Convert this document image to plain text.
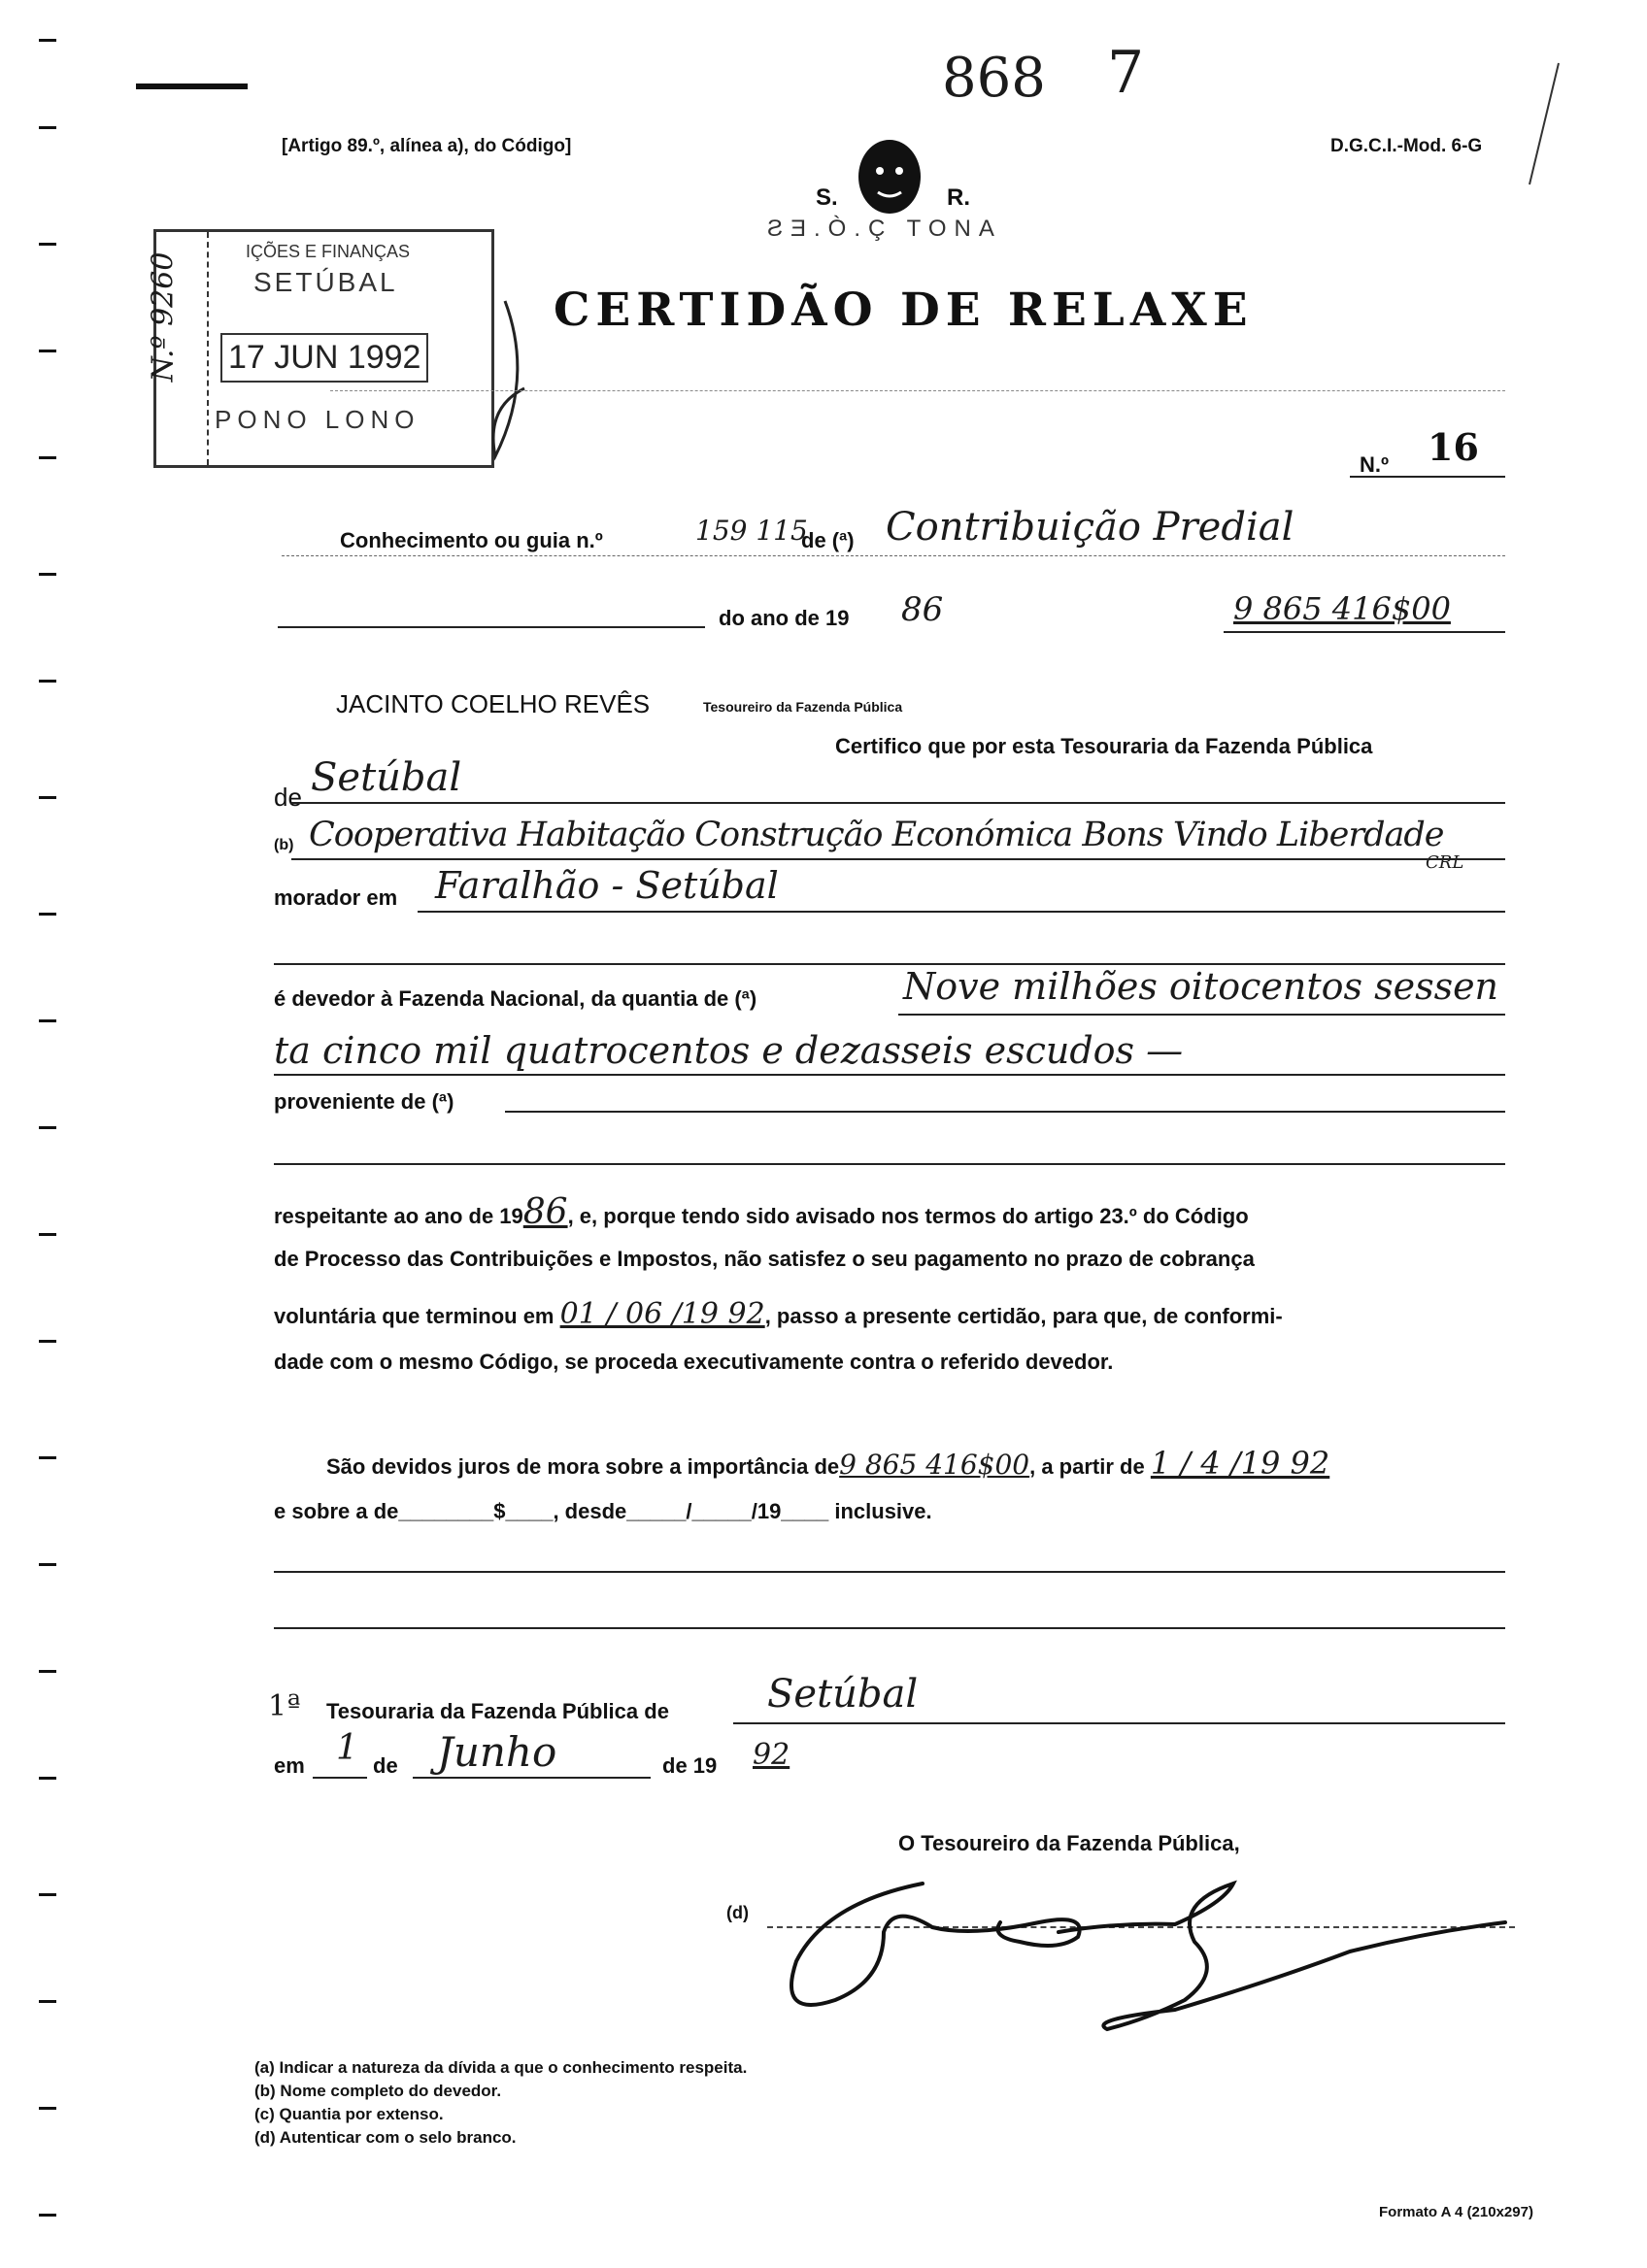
868 7
[Artigo 89.º, alínea a), do Código]	D.G.C.I.-Mod. 6-G
S.	R.
ƧƎ.Ò.Ç TONA
CERTIDÃO DE RELAXE
IÇÕES E FINANÇAS
SETÚBAL
17 JUN 1992
PONO LONO
N.º 9260
N.º 16
Conhecimento ou guia n.º	159 115
de (ª) Contribuição Predial
do ano de 19 86	9 865 416$00
JACINTO COELHO REVÊS	Tesoureiro da Fazenda Pública
Certifico que por esta Tesouraria da Fazenda Pública
de Setúbal
(b) Cooperativa Habitação Construção Económica Bons Vindo Liberdade
CRL
morador em Faralhão - Setúbal
é devedor à Fazenda Nacional, da quantia de (ª)	Nove milhões oitocentos sessen
ta cinco mil quatrocentos e dezasseis escudos —
proveniente de (ª)
respeitante ao ano de 1986, e, porque tendo sido avisado nos termos do artigo 23.º do Código
de Processo das Contribuições e Impostos, não satisfez o seu pagamento no prazo de cobrança
voluntária que terminou em 01 / 06 /19 92, passo a presente certidão, para que, de conformi-
dade com o mesmo Código, se proceda executivamente contra o referido devedor.
São devidos juros de mora sobre a importância de9 865 416$00, a partir de 1 / 4 /19 92
e sobre a de________$____, desde_____/_____/19____ inclusive.
1ª Tesouraria da Fazenda Pública de	Setúbal
em 1 de Junho	de 19 92
O Tesoureiro da Fazenda Pública,
(d)
(a) Indicar a natureza da dívida a que o conhecimento respeita.
(b) Nome completo do devedor.
(c) Quantia por extenso.
(d) Autenticar com o selo branco.
Formato A 4 (210x297)
